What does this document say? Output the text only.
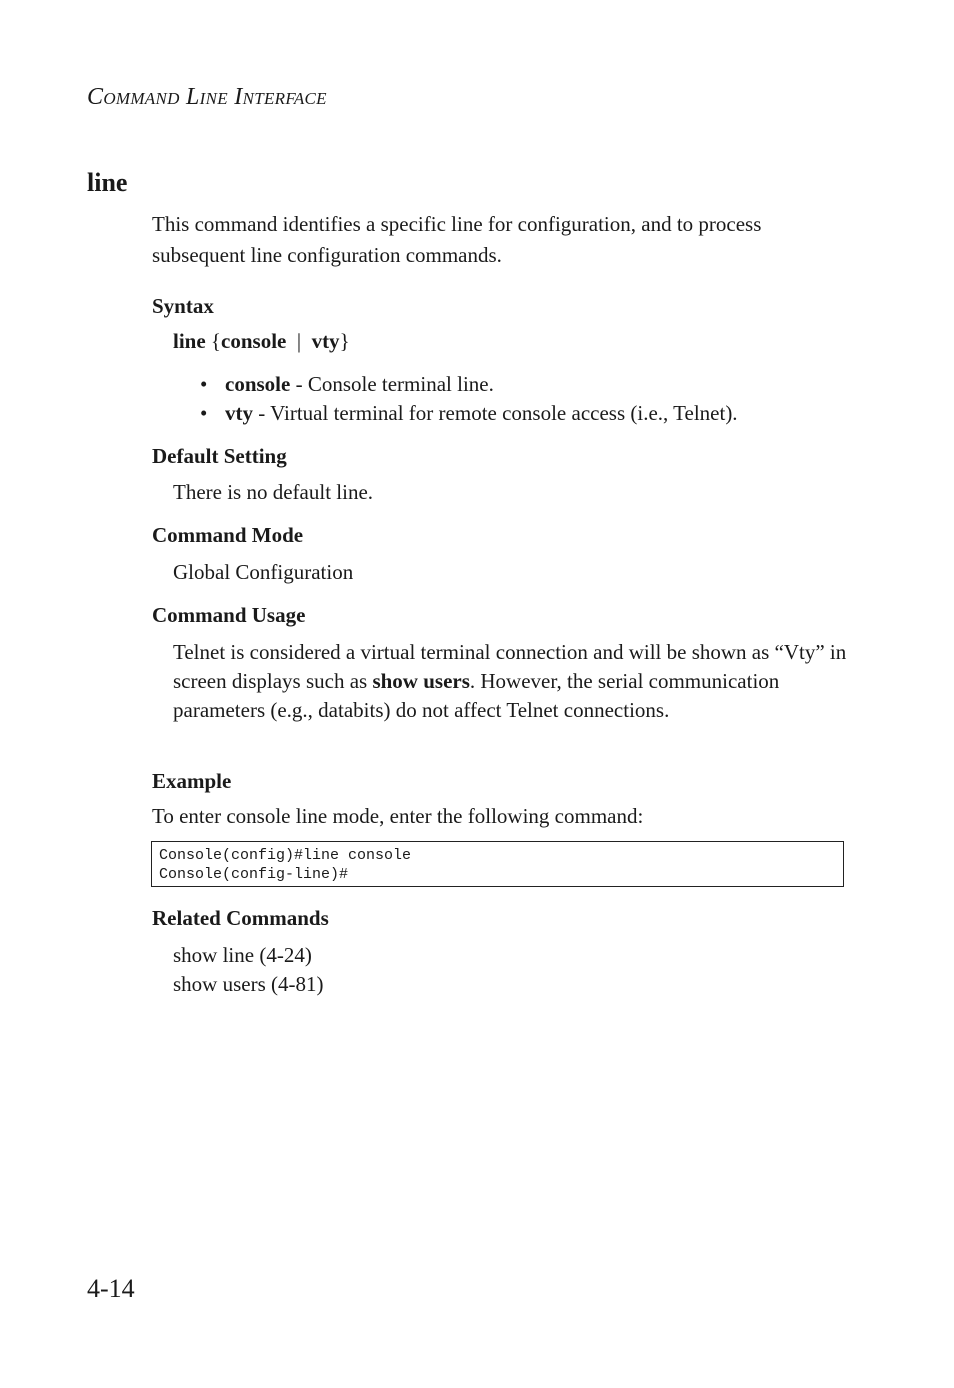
COMMAND LINE INTERFACE
line
This command identifies a specific line for configuration, and to process subsequent line configuration commands.
Syntax
line {console | vty}
• console - Console terminal line.
• vty - Virtual terminal for remote console access (i.e., Telnet).
Default Setting
There is no default line.
Command Mode
Global Configuration
Command Usage
Telnet is considered a virtual terminal connection and will be shown as “Vty” in screen displays such as show users. However, the serial communication parameters (e.g., databits) do not affect Telnet connections.
Example
To enter console line mode, enter the following command:
Console(config)#line console
Console(config-line)#
Related Commands
show line (4-24)
show users (4-81)
4-14
